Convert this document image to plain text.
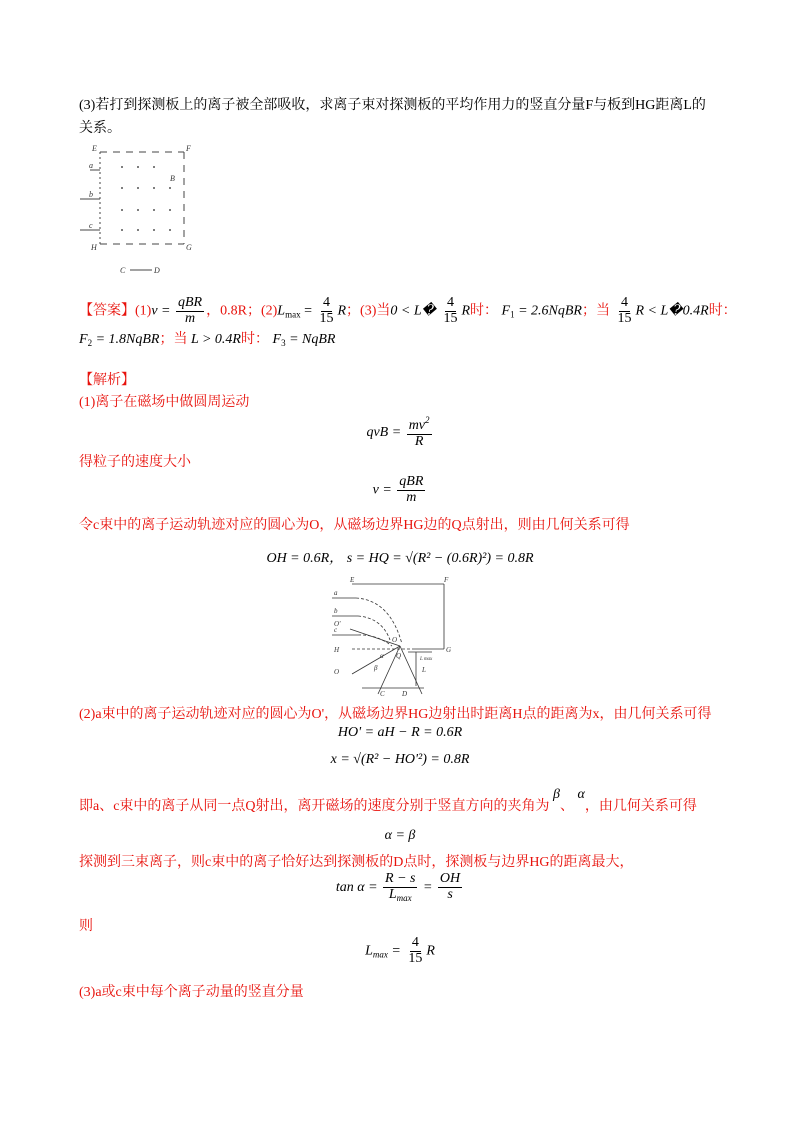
(3)若打到探测板上的离子被全部吸收，求离子束对探测板的平均作用力的竖直分量F与板到HG距离L的
关系。
E	F
B
a
b
c
H	G
C	D
【答案】$(1)v = \frac{\text{qBR}}{m}$ ，0.8R；$(2)L_{max} = \frac{4}{15}$ R；(3)当0 < L� $\frac{4}{15}$ R时： $F_1$ = 2.6NqBR；当 $\frac{4}{15}$ R < L�0.4R时：
$F_2$ = 1.8NqBR；当 L > 0.4R时： $F_3$ = NqBR
【解析】
(1)离子在磁场中做圆周运动
qvB = $\frac{mv^2}{R}$
得粒子的速度大小
$v = \frac{\text{qBR}}{m}$
令c束中的离子运动轨迹对应的圆心为O，从磁场边界HG边的Q点射出，则由几何关系可得
OH = 0.6R， s = HQ = √(R² − (0.6R)²) = 0.8R
E	F
a
b
c
O'
H	G
O
Q
α
β
O	L
L max
C D
(2)a束中的离子运动轨迹对应的圆心为O'，从磁场边界HG边射出时距离H点的距离为x，由几何关系可得
HO' = aH − R = 0.6R
x = √(R² − HO'²) = 0.8R
即a、c束中的离子从同一点Q射出，离开磁场的速度分别于竖直方向的夹角为 β、 α，由几何关系可得
α = β
探测到三束离子，则c束中的离子恰好达到探测板的D点时，探测板与边界HG的距离最大，
$\tan \alpha = \frac{R - s}{L_{max}} = \frac{OH}{s}$
则
$L_{max} = \frac{4}{15}$ R
(3)a或c束中每个离子动量的竖直分量
